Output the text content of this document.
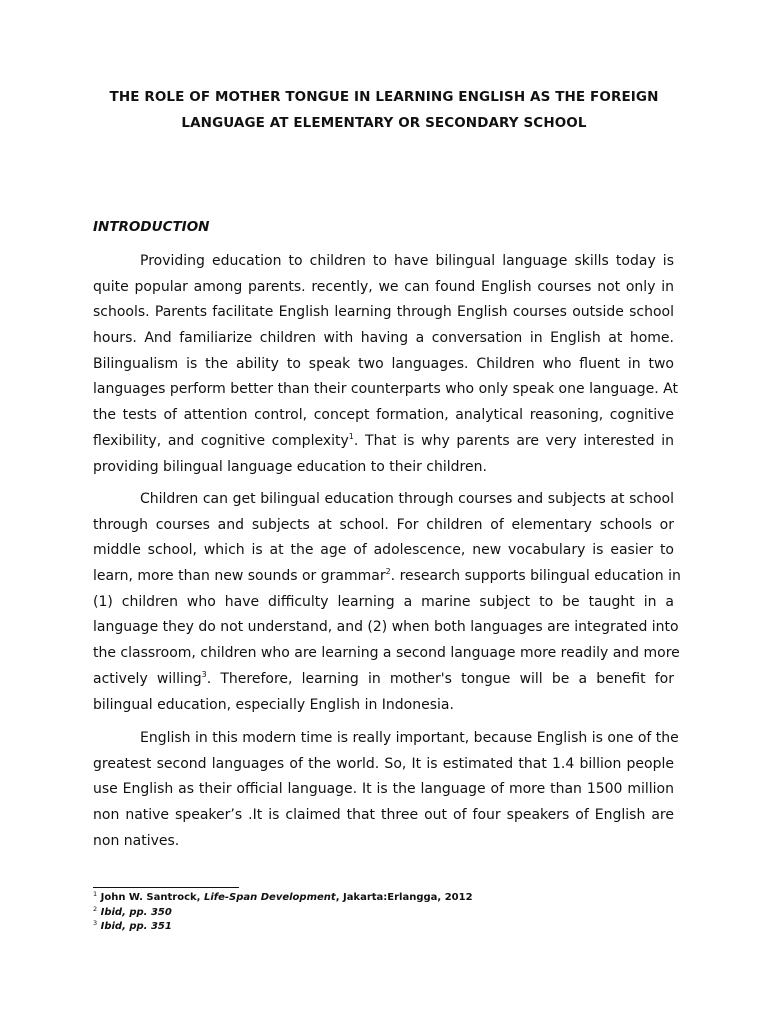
THE ROLE OF MOTHER TONGUE IN LEARNING ENGLISH AS THE FOREIGN
LANGUAGE AT ELEMENTARY OR SECONDARY SCHOOL
INTRODUCTION
Providing education to children to have bilingual language skills today is
quite popular among parents. recently, we can found English courses not only in
schools. Parents facilitate English learning through English courses outside school
hours. And familiarize children with having a conversation in English at home.
Bilingualism is the ability to speak two languages. Children who fluent in two
languages perform better than their counterparts who only speak one language. At
the tests of attention control, concept formation, analytical reasoning, cognitive
flexibility, and cognitive complexity$^1$. That is why parents are very interested in
providing bilingual language education to their children.
Children can get bilingual education through courses and subjects at school
through courses and subjects at school. For children of elementary schools or
middle school, which is at the age of adolescence, new vocabulary is easier to
learn, more than new sounds or grammar$^2$. research supports bilingual education in
(1) children who have difficulty learning a marine subject to be taught in a
language they do not understand, and (2) when both languages are integrated into
the classroom, children who are learning a second language more readily and more
actively willing$^3$. Therefore, learning in mother's tongue will be a benefit for
bilingual education, especially English in Indonesia.
English in this modern time is really important, because English is one of the
greatest second languages of the world. So, It is estimated that 1.4 billion people
use English as their official language. It is the language of more than 1500 million
non native speaker’s .It is claimed that three out of four speakers of English are
non natives.
$^1$ John W. Santrock, Life-Span Development, Jakarta:Erlangga, 2012
$^2$ Ibid, pp. 350
$^3$ Ibid, pp. 351
